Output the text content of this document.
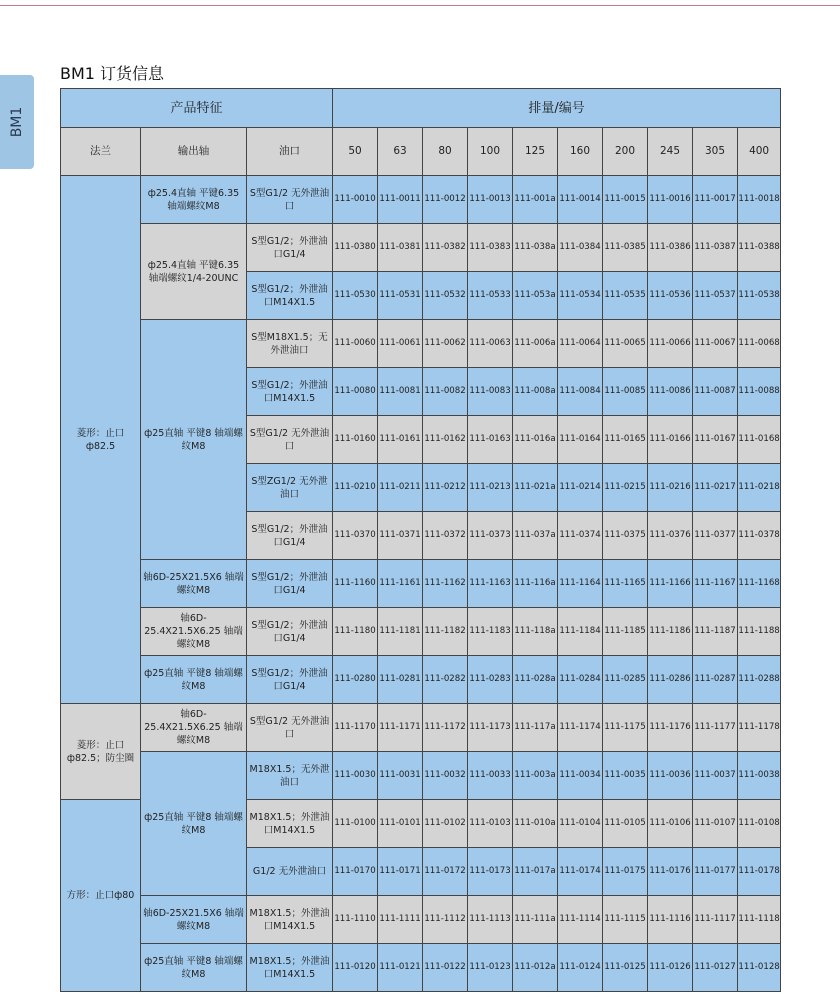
BM1
BM1 订货信息
产品特征			排量/编号									
法兰	输出轴	油口	50	63	80	100	125	160	200	245	305	400
菱形：止口ф82.5	ф25.4直轴 平键6.35 轴端螺纹M8	S型G1/2 无外泄油口	111-0010	111-0011	111-0012	111-0013	111-001a	111-0014	111-0015	111-0016	111-0017	111-0018
	ф25.4直轴 平键6.35 轴端螺纹1/4-20UNC	S型G1/2；外泄油口G1/4	111-0380	111-0381	111-0382	111-0383	111-038a	111-0384	111-0385	111-0386	111-0387	111-0388
		S型G1/2；外泄油口M14X1.5	111-0530	111-0531	111-0532	111-0533	111-053a	111-0534	111-0535	111-0536	111-0537	111-0538
	ф25直轴 平键8 轴端螺纹M8	S型M18X1.5；无外泄油口	111-0060	111-0061	111-0062	111-0063	111-006a	111-0064	111-0065	111-0066	111-0067	111-0068
		S型G1/2；外泄油口M14X1.5	111-0080	111-0081	111-0082	111-0083	111-008a	111-0084	111-0085	111-0086	111-0087	111-0088
		S型G1/2 无外泄油口	111-0160	111-0161	111-0162	111-0163	111-016a	111-0164	111-0165	111-0166	111-0167	111-0168
		S型ZG1/2 无外泄油口	111-0210	111-0211	111-0212	111-0213	111-021a	111-0214	111-0215	111-0216	111-0217	111-0218
		S型G1/2；外泄油口G1/4	111-0370	111-0371	111-0372	111-0373	111-037a	111-0374	111-0375	111-0376	111-0377	111-0378
	轴6D-25X21.5X6 轴端螺纹M8	S型G1/2；外泄油口G1/4	111-1160	111-1161	111-1162	111-1163	111-116a	111-1164	111-1165	111-1166	111-1167	111-1168
	轴6D-25.4X21.5X6.25 轴端螺纹M8	S型G1/2；外泄油口G1/4	111-1180	111-1181	111-1182	111-1183	111-118a	111-1184	111-1185	111-1186	111-1187	111-1188
	ф25直轴 平键8 轴端螺纹M8	S型G1/2；外泄油口G1/4	111-0280	111-0281	111-0282	111-0283	111-028a	111-0284	111-0285	111-0286	111-0287	111-0288
菱形：止口ф82.5；防尘圈	轴6D-25.4X21.5X6.25 轴端螺纹M8	S型G1/2 无外泄油口	111-1170	111-1171	111-1172	111-1173	111-117a	111-1174	111-1175	111-1176	111-1177	111-1178
	ф25直轴 平键8 轴端螺纹M8	M18X1.5；无外泄油口	111-0030	111-0031	111-0032	111-0033	111-003a	111-0034	111-0035	111-0036	111-0037	111-0038
方形：止口ф80		M18X1.5；外泄油口M14X1.5	111-0100	111-0101	111-0102	111-0103	111-010a	111-0104	111-0105	111-0106	111-0107	111-0108
		G1/2 无外泄油口	111-0170	111-0171	111-0172	111-0173	111-017a	111-0174	111-0175	111-0176	111-0177	111-0178
	轴6D-25X21.5X6 轴端螺纹M8	M18X1.5；外泄油口M14X1.5	111-1110	111-1111	111-1112	111-1113	111-111a	111-1114	111-1115	111-1116	111-1117	111-1118
	ф25直轴 平键8 轴端螺纹M8	M18X1.5；外泄油口M14X1.5	111-0120	111-0121	111-0122	111-0123	111-012a	111-0124	111-0125	111-0126	111-0127	111-0128
